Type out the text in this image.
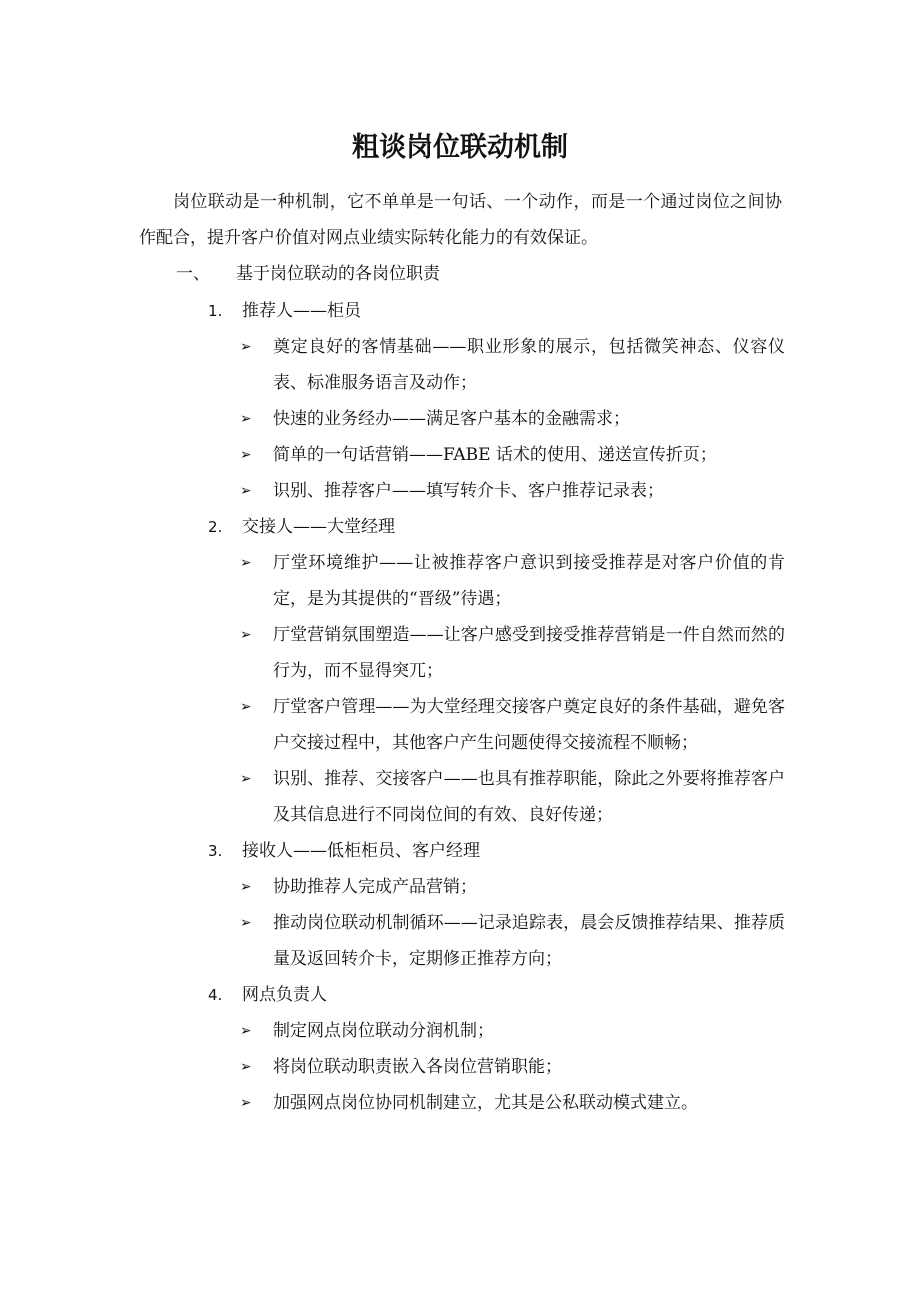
粗谈岗位联动机制

岗位联动是一种机制，它不单单是一句话、一个动作，而是一个通过岗位之间协作配合，提升客户价值对网点业绩实际转化能力的有效保证。

一、 基于岗位联动的各岗位职责
1. 推荐人——柜员
➢	奠定良好的客情基础——职业形象的展示，包括微笑神态、仪容仪表、标准服务语言及动作；
➢	快速的业务经办——满足客户基本的金融需求；
➢	简单的一句话营销——FABE 话术的使用、递送宣传折页；
➢	识别、推荐客户——填写转介卡、客户推荐记录表；
2. 交接人——大堂经理
➢	厅堂环境维护——让被推荐客户意识到接受推荐是对客户价值的肯定，是为其提供的“晋级”待遇；
➢	厅堂营销氛围塑造——让客户感受到接受推荐营销是一件自然而然的行为，而不显得突兀；
➢	厅堂客户管理——为大堂经理交接客户奠定良好的条件基础，避免客户交接过程中，其他客户产生问题使得交接流程不顺畅；
➢	识别、推荐、交接客户——也具有推荐职能，除此之外要将推荐客户及其信息进行不同岗位间的有效、良好传递；
3. 接收人——低柜柜员、客户经理
➢	协助推荐人完成产品营销；
➢	推动岗位联动机制循环——记录追踪表，晨会反馈推荐结果、推荐质量及返回转介卡，定期修正推荐方向；
4. 网点负责人
➢	制定网点岗位联动分润机制；
➢	将岗位联动职责嵌入各岗位营销职能；
➢	加强网点岗位协同机制建立，尤其是公私联动模式建立。
